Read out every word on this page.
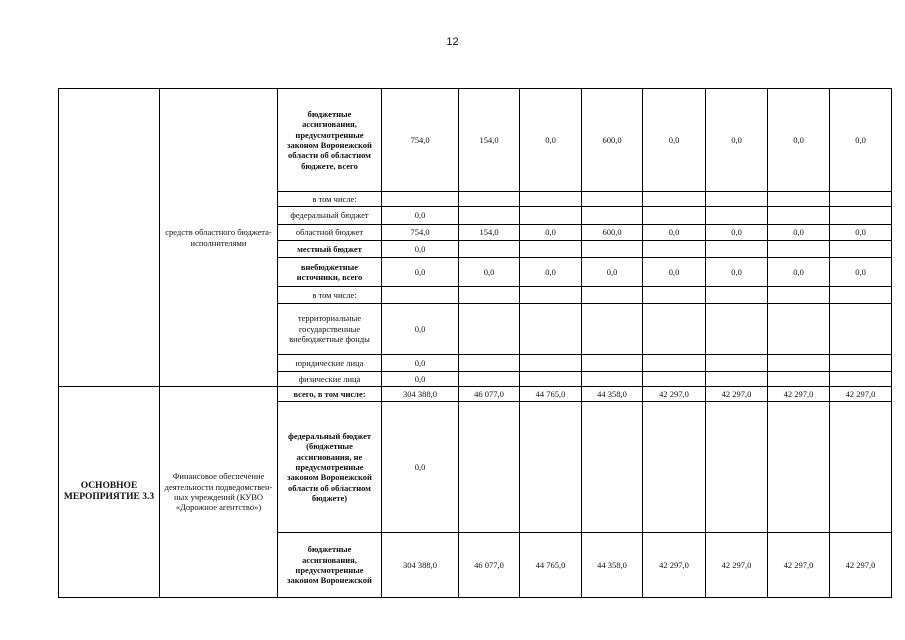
12
	средств областного бюджета-исполнителями	бюджетные ассигнования, предусмотренные законом Воронежской области об областном бюджете, всего	754,0	154,0	0,0	600,0	0,0	0,0	0,0	0,0
		в том числе:								
		федеральный бюджет	0,0							
		областной бюджет	754,0	154,0	0,0	600,0	0,0	0,0	0,0	0,0
		местный бюджет	0,0							
		внебюджетные источники, всего	0,0	0,0	0,0	0,0	0,0	0,0	0,0	0,0
		в том числе:								
		территориальные государственные внебюджетные фонды	0,0							
		юридические лица	0,0							
		физические лица	0,0							

ОСНОВНОЕ МЕРОПРИЯТИЕ 3.3	Финансовое обеспечение деятельности подведомствен-ных учреждений (КУВО «Дорожное агентство»)	всего, в том числе:	304 388,0	46 077,0	44 765,0	44 358,0	42 297,0	42 297,0	42 297,0	42 297,0
		федеральный бюджет (бюджетные ассигнования, не предусмотренные законом Воронежской области об областном бюджете)	0,0							
		бюджетные ассигнования, предусмотренные законом Воронежской	304 388,0	46 077,0	44 765,0	44 358,0	42 297,0	42 297,0	42 297,0	42 297,0
